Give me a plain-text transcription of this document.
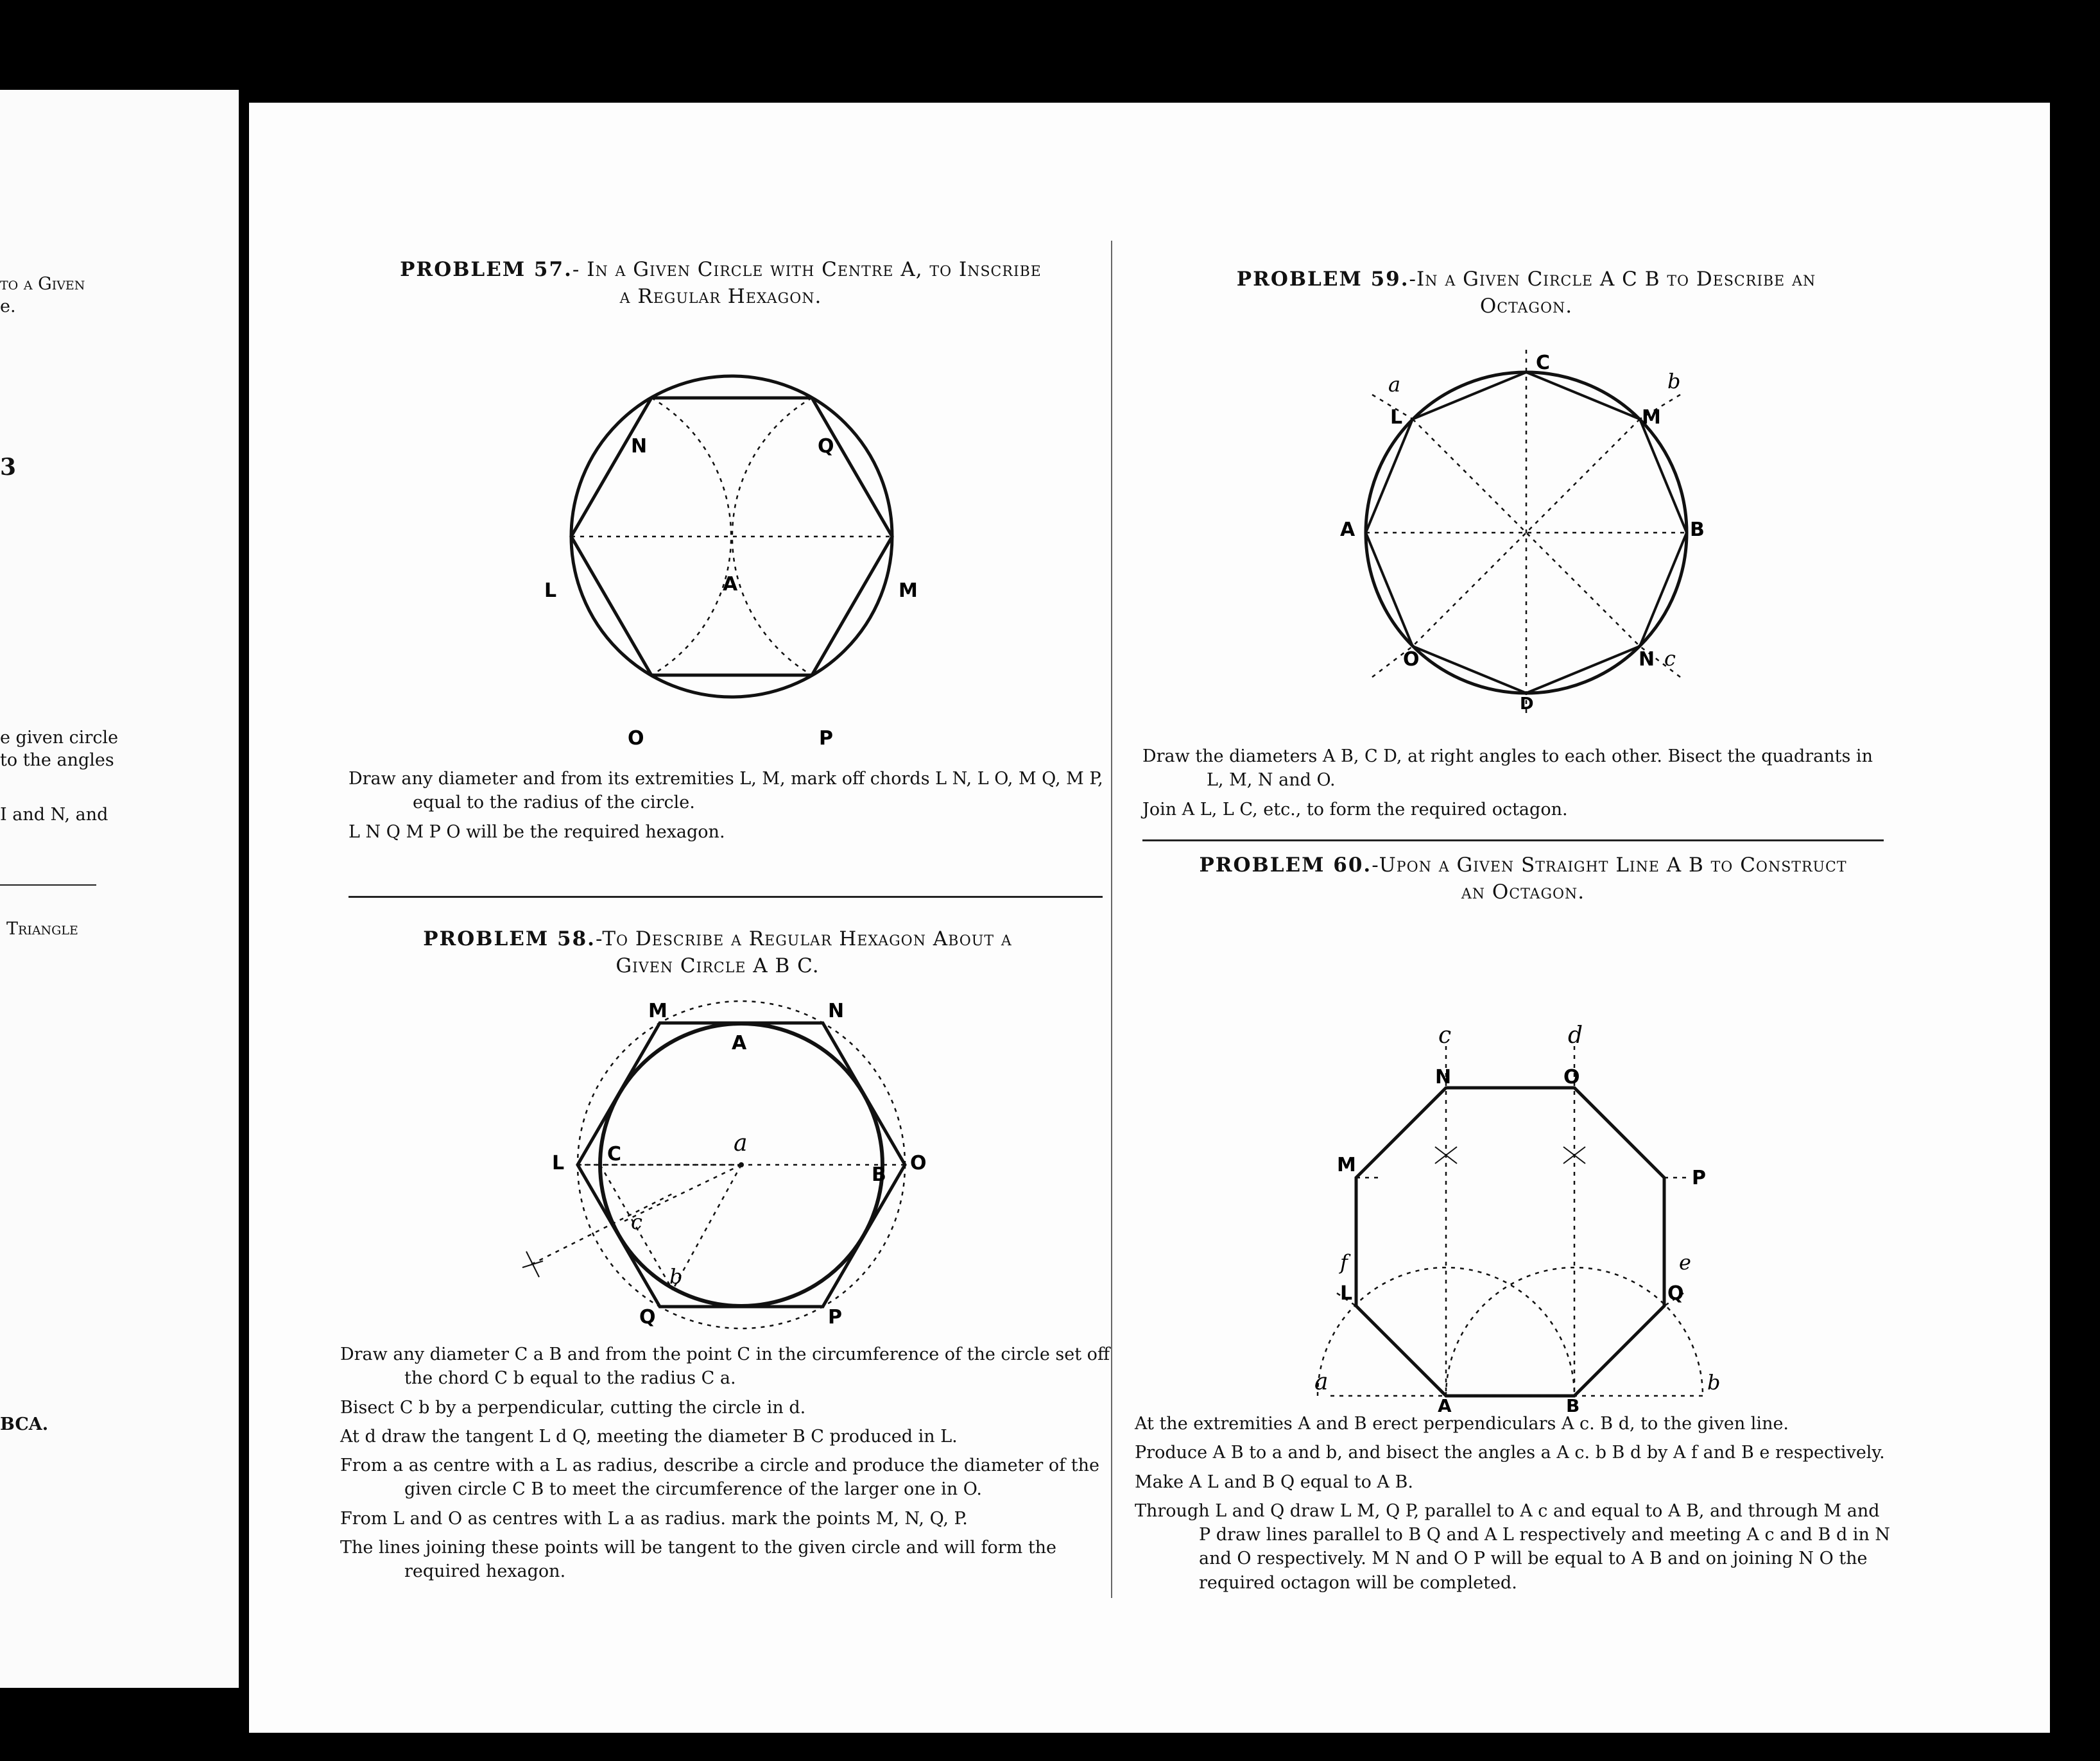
to a Given
e.
3
e given circle
to the angles
I and N, and
Triangle
BCA.
PROBLEM 57.- In a Given Circle with Centre A, to Inscribe
a Regular Hexagon.
N	Q
L	A	M
O	P

Draw any diameter and from its extremities L, M, mark off chords L N, L O, M Q, M P, equal to the radius of the circle.

L N Q M P O will be the required hexagon.

PROBLEM 58.-To Describe a Regular Hexagon About a
Given Circle A B C.
M	N
A
L C	a
B
O
c
b
Q	P

Draw any diameter C a B and from the point C in the circumference of the circle set off the chord C b equal to the radius C a.

Bisect C b by a perpendicular, cutting the circle in d.

At d draw the tangent L d Q, meeting the diameter B C produced in L.

From a as centre with a L as radius, describe a circle and produce the diameter of the given circle C B to meet the circumference of the larger one in O.

From L and O as centres with L a as radius. mark the points M, N, Q, P.

The lines joining these points will be tangent to the given circle and will form the required hexagon.

PROBLEM 59.-In a Given Circle A C B to Describe an
Octagon.
C
a	b
L	M
A	B
O	N c
D

Draw the diameters A B, C D, at right angles to each other. Bisect the quadrants in L, M, N and O.

Join A L, L C, etc., to form the required octagon.

PROBLEM 60.-Upon a Given Straight Line A B to Construct
an Octagon.
c	d
N	O
M
P
f	e
L	Q
a	b
A	B

At the extremities A and B erect perpendiculars A c. B d, to the given line.

Produce A B to a and b, and bisect the angles a A c. b B d by A f and B e respectively.

Make A L and B Q equal to A B.

Through L and Q draw L M, Q P, parallel to A c and equal to A B, and through M and P draw lines parallel to B Q and A L respectively and meeting A c and B d in N and O respectively. M N and O P will be equal to A B and on joining N O the required octagon will be completed.
